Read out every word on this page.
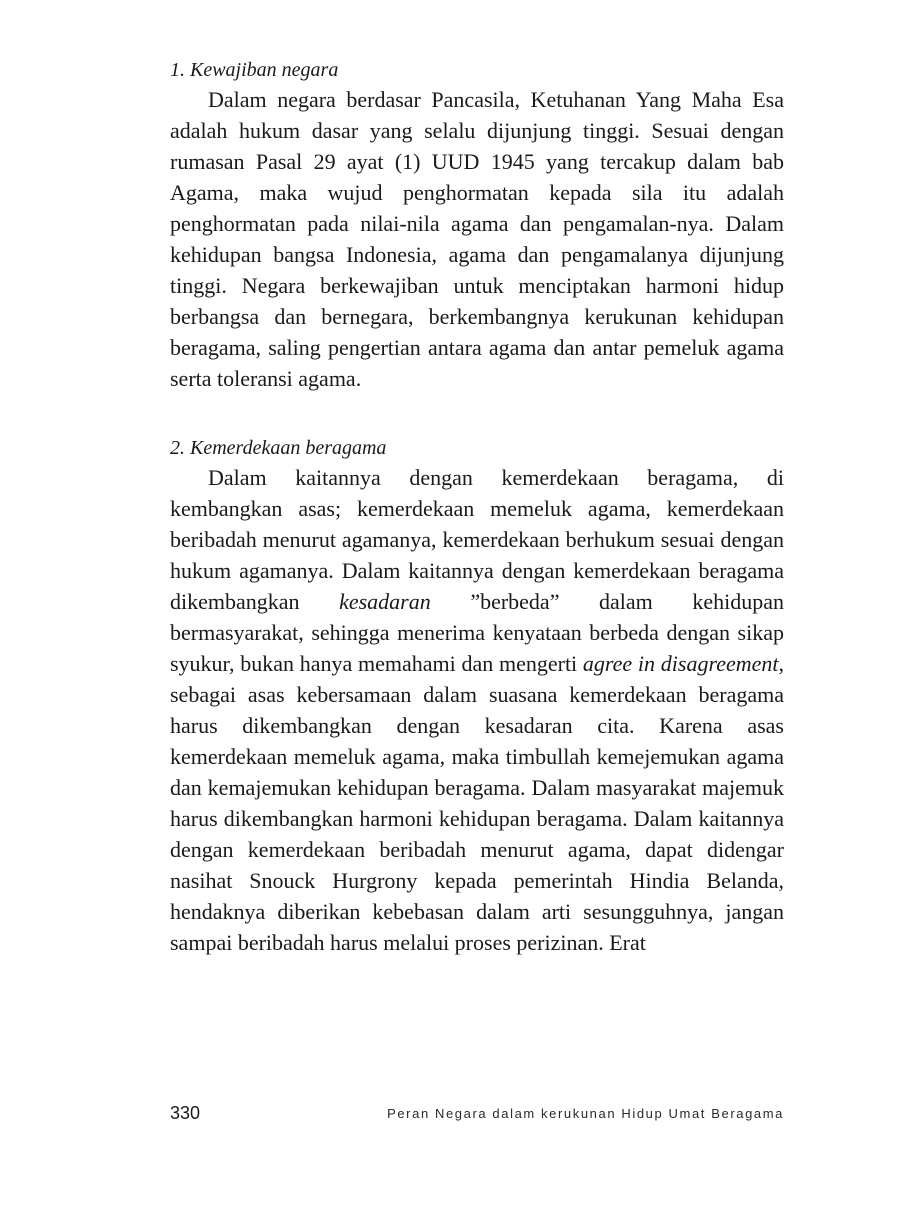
1. Kewajiban negara

Dalam negara berdasar Pancasila, Ketuhanan Yang Maha Esa adalah hukum dasar yang selalu dijunjung tinggi. Sesuai dengan rumasan Pasal 29 ayat (1) UUD 1945 yang tercakup dalam bab Agama, maka wujud penghormatan kepada sila itu adalah penghormatan pada nilai-nila agama dan pengamalan-nya. Dalam kehidupan bangsa Indonesia, agama dan pengamalanya dijunjung tinggi. Negara berkewajiban untuk menciptakan harmoni hidup berbangsa dan bernegara, berkembangnya kerukunan kehidupan beragama, saling pengertian antara agama dan antar pemeluk agama serta toleransi agama.

2. Kemerdekaan beragama

Dalam kaitannya dengan kemerdekaan beragama, di kembangkan asas; kemerdekaan memeluk agama, kemerdekaan beribadah menurut agamanya, kemerdekaan berhukum sesuai dengan hukum agamanya. Dalam kaitannya dengan kemerdekaan beragama dikembangkan kesadaran ”berbeda” dalam kehidupan bermasyarakat, sehingga menerima kenyataan berbeda dengan sikap syukur, bukan hanya memahami dan mengerti agree in disagreement, sebagai asas kebersamaan dalam suasana kemerdekaan beragama harus dikembangkan dengan kesadaran cita. Karena asas kemerdekaan memeluk agama, maka timbullah kemejemukan agama dan kemajemukan kehidupan beragama. Dalam masyarakat majemuk harus dikembangkan harmoni kehidupan beragama. Dalam kaitannya dengan kemerdekaan beribadah menurut agama, dapat didengar nasihat Snouck Hurgrony kepada pemerintah Hindia Belanda, hendaknya diberikan kebebasan dalam arti sesungguhnya, jangan sampai beribadah harus melalui proses perizinan. Erat

330	Peran Negara dalam kerukunan Hidup Umat Beragama
